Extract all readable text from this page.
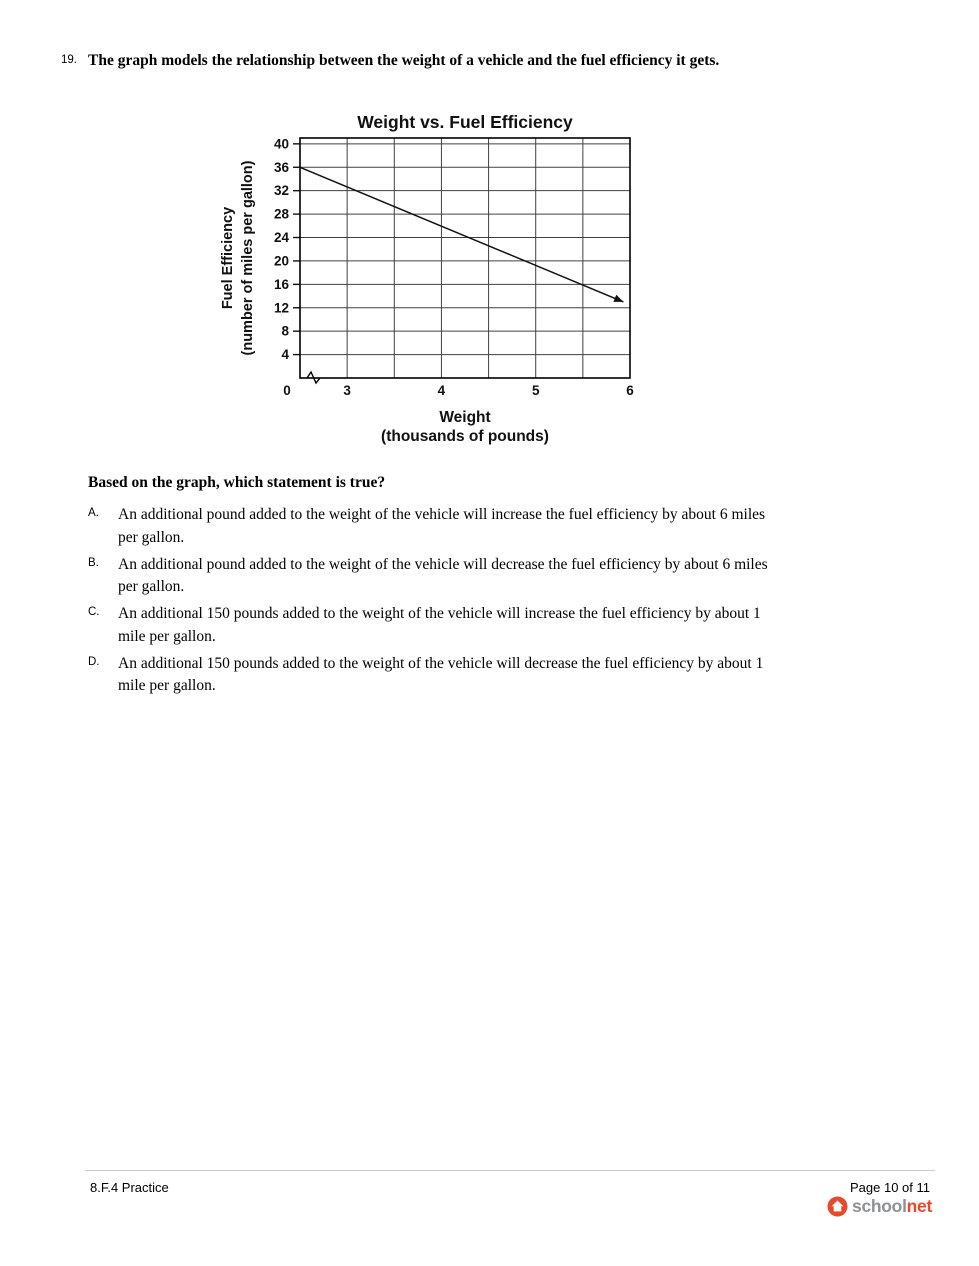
19. The graph models the relationship between the weight of a vehicle and the fuel efficiency it gets.
Weight vs. Fuel Efficiency
4
8
12
16
20
24
28
32
36
40
0	3	4	5	6
Weight
(thousands of pounds)
Fuel Efficiency (number of miles per gallon)
Based on the graph, which statement is true?
A.	An additional pound added to the weight of the vehicle will increase the fuel efficiency by about 6 miles per gallon.
B.	An additional pound added to the weight of the vehicle will decrease the fuel efficiency by about 6 miles per gallon.
C.	An additional 150 pounds added to the weight of the vehicle will increase the fuel efficiency by about 1 mile per gallon.
D.	An additional 150 pounds added to the weight of the vehicle will decrease the fuel efficiency by about 1 mile per gallon.
8.F.4 Practice	Page 10 of 11
schoolnet
